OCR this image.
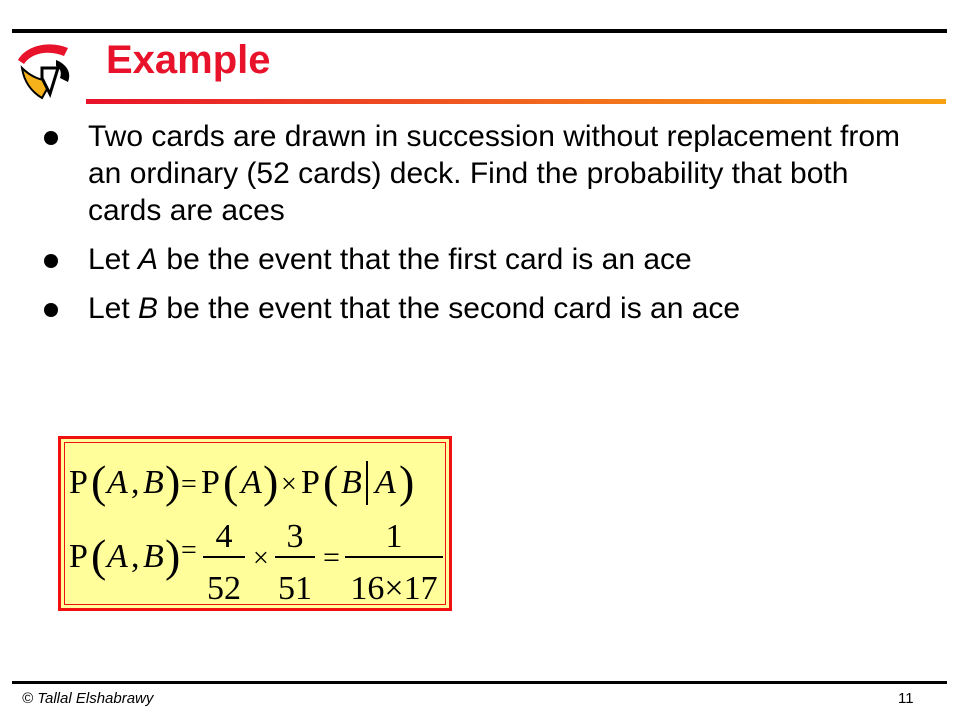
Example
Two cards are drawn in succession without replacement from an ordinary (52 cards) deck. Find the probability that both cards are aces
Let A be the event that the first card is an ace
Let B be the event that the second card is an ace
P ( A , B ) = P ( A ) × P ( B A )
P ( A , B ) = 4
52
×
3
51
=
1
16×17
© Tallal Elshabrawy	11
